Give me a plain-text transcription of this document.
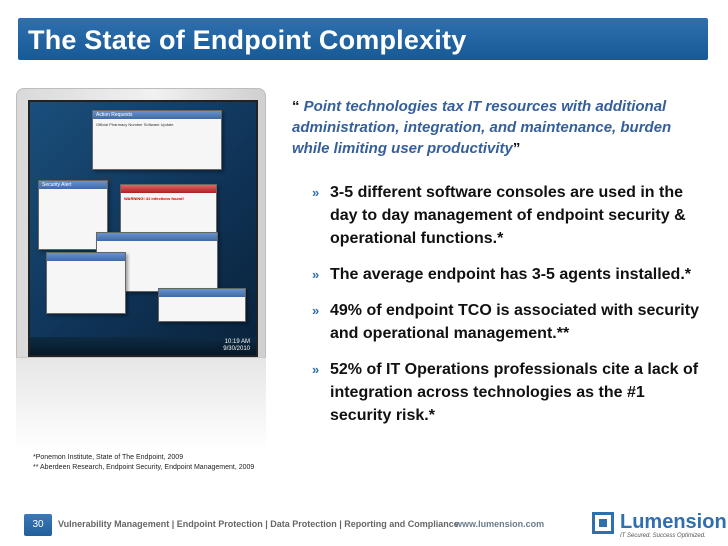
The State of Endpoint Complexity
Action Requests
Official Pharmacy Number Software Update
Security Alert
WARNING! 41 infections found!
10:19 AM
9/30/2010
“ Point technologies tax IT resources with additional administration, integration, and maintenance, burden while limiting user productivity”
» 3-5 different software consoles are used in the day to day management of endpoint security & operational functions.*
» The average endpoint has 3-5 agents installed.*
» 49% of endpoint TCO is associated with security and operational management.**
» 52% of IT Operations professionals cite a lack of integration across technologies as the #1 security risk.*
*Ponemon Institute, State of The Endpoint, 2009
** Aberdeen Research, Endpoint Security, Endpoint Management, 2009
30	Vulnerability Management | Endpoint Protection | Data Protection | Reporting and Compliance
www.lumension.com	Lumension
IT Secured. Success Optimized.
